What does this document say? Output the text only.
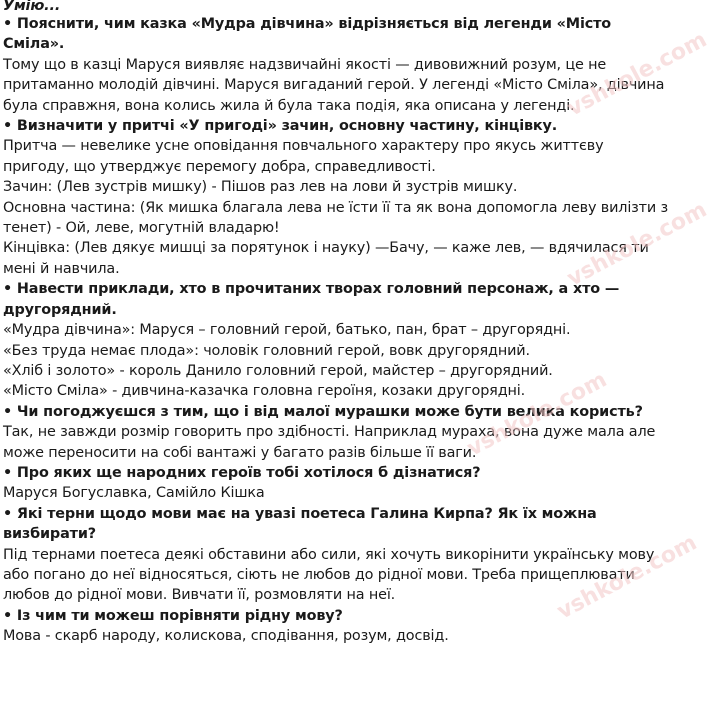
Умію...

• Пояснити, чим казка «Мудра дівчина» відрізняється від легенди «Місто Сміла».

Тому що в казці Маруся виявляє надзвичайні якості — дивовижний розум, це не притаманно молодій дівчині. Маруся вигаданий герой. У легенді «Місто Сміла», дівчина була справжня, вона колись жила й була така подія, яка описана у легенді.

• Визначити у притчі «У пригоді» зачин, основну частину, кінцівку.

Притча — невелике усне оповідання повчального характеру про якусь життєву пригоду, що утверджує перемогу добра, справедливості.

Зачин: (Лев зустрів мишку) - Пішов раз лев на лови й зустрів мишку.

Основна частина: (Як мишка благала лева не їсти її та як вона допомогла леву вилізти з тенет) - Ой, леве, могутній владарю!

Кінцівка: (Лев дякує мишці за порятунок і науку) —Бачу, — каже лев, — вдячилася ти мені й навчила.

• Навести приклади, хто в прочитаних творах головний персонаж, а хто — другорядний.

«Мудра дівчина»: Маруся – головний герой, батько, пан, брат – другорядні.

«Без труда немає плода»: чоловік головний герой, вовк другорядний.

«Хліб і золото» - король Данило головний герой, майстер – другорядний.

«Місто Сміла» - дивчина-казачка головна героїня, козаки другорядні.

• Чи погоджуєшся з тим, що і від малої мурашки може бути велика користь?

Так, не завжди розмір говорить про здібності. Наприклад мураха, вона дуже мала але може переносити на собі вантажі у багато разів більше її ваги.

• Про яких ще народних героїв тобі хотілося б дізнатися?

Маруся Богуславка, Самійло Кішка

• Які терни щодо мови має на увазі поетеса Галина Кирпа? Як їх можна визбирати?

Під тернами поетеса деякі обставини або сили, які хочуть викорінити українську мову або погано до неї відносяться, сіють не любов до рідної мови. Треба прищеплювати любов до рідної мови. Вивчати її, розмовляти на неї.

• Із чим ти можеш порівняти рідну мову?

Мова - скарб народу, колискова, сподівання, розум, досвід.

vshkole.com
vshkole.com
vshkole.com
vshkole.com
